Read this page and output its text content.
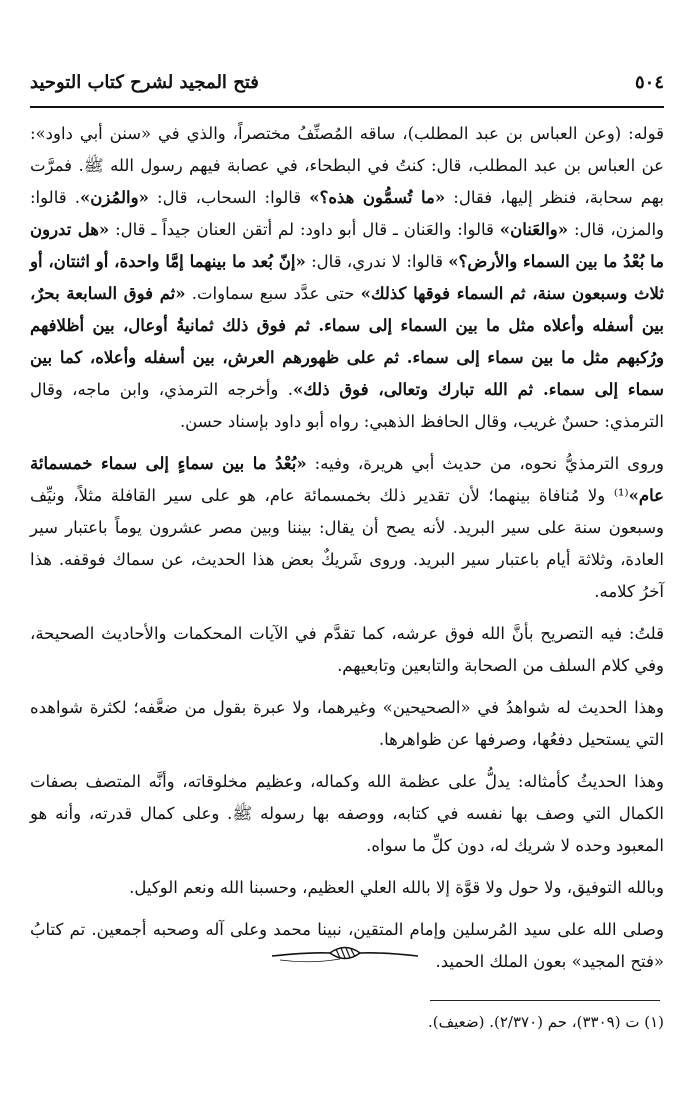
٥٠٤
فتح المجيد لشرح كتاب التوحيد

قوله: (وعن العباس بن عبد المطلب)، ساقه المُصنِّفُ مختصراً، والذي في «سنن أبي داود»: عن العباس بن عبد المطلب، قال: كنتُ في البطحاء، في عصابة فيهم رسول الله ﷺ. فمرَّت بهم سحابة، فنظر إليها، فقال: «ما تُسمُّون هذه؟» قالوا: السحاب، قال: «والمُزن». قالوا: والمزن، قال: «والعَنان» قالوا: والعَنان ـ قال أبو داود: لم أتقن العنان جيداً ـ قال: «هل تدرون ما بُعْدُ ما بين السماء والأرض؟» قالوا: لا ندري، قال: «إنّ بُعد ما بينهما إمَّا واحدة، أو اثنتان، أو ثلاث وسبعون سنة، ثم السماء فوقها كذلك» حتى عدَّد سبع سماوات. «ثم فوق السابعة بحرٌ، بين أسفله وأعلاه مثل ما بين السماء إلى سماء. ثم فوق ذلك ثمانيةُ أوعال، بين أظلافهم ورُكبهم مثل ما بين سماء إلى سماء. ثم على ظهورهم العرش، بين أسفله وأعلاه، كما بين سماء إلى سماء. ثم الله تبارك وتعالى، فوق ذلك». وأخرجه الترمذي، وابن ماجه، وقال الترمذي: حسنٌ غريب، وقال الحافظ الذهبي: رواه أبو داود بإسناد حسن.

وروى الترمذيُّ نحوه، من حديث أبي هريرة، وفيه: «بُعْدُ ما بين سماءٍ إلى سماء خمسمائة عام»⁽¹⁾ ولا مُنافاة بينهما؛ لأن تقدير ذلك بخمسمائة عام، هو على سير القافلة مثلاً، ونيِّف وسبعون سنة على سير البريد. لأنه يصح أن يقال: بيننا وبين مصر عشرون يوماً باعتبار سير العادة، وثلاثة أيام باعتبار سير البريد. وروى شَريكٌ بعض هذا الحديث، عن سماك فوقفه. هذا آخرُ كلامه.

قلتُ: فيه التصريح بأنَّ الله فوق عرشه، كما تقدَّم في الآيات المحكمات والأحاديث الصحيحة، وفي كلام السلف من الصحابة والتابعين وتابعيهم.

وهذا الحديث له شواهدُ في «الصحيحين» وغيرهما، ولا عبرة بقول من ضعَّفه؛ لكثرة شواهده التي يستحيل دفعُها، وصرفها عن ظواهرها.

وهذا الحديثُ كأمثاله: يدلُّ على عظمة الله وكماله، وعظيم مخلوقاته، وأنَّه المتصف بصفات الكمال التي وصف بها نفسه في كتابه، ووصفه بها رسوله ﷺ. وعلى كمال قدرته، وأنه هو المعبود وحده لا شريك له، دون كلِّ ما سواه.

وبالله التوفيق، ولا حول ولا قوَّة إلا بالله العلي العظيم، وحسبنا الله ونعم الوكيل.

وصلى الله على سيد المُرسلين وإمام المتقين، نبينا محمد وعلى آله وصحبه أجمعين. تم كتابُ «فتح المجيد» بعون الملك الحميد.

(١) ت (٣٣٠٩)، حم (٢/٣٧٠). (ضعيف).
